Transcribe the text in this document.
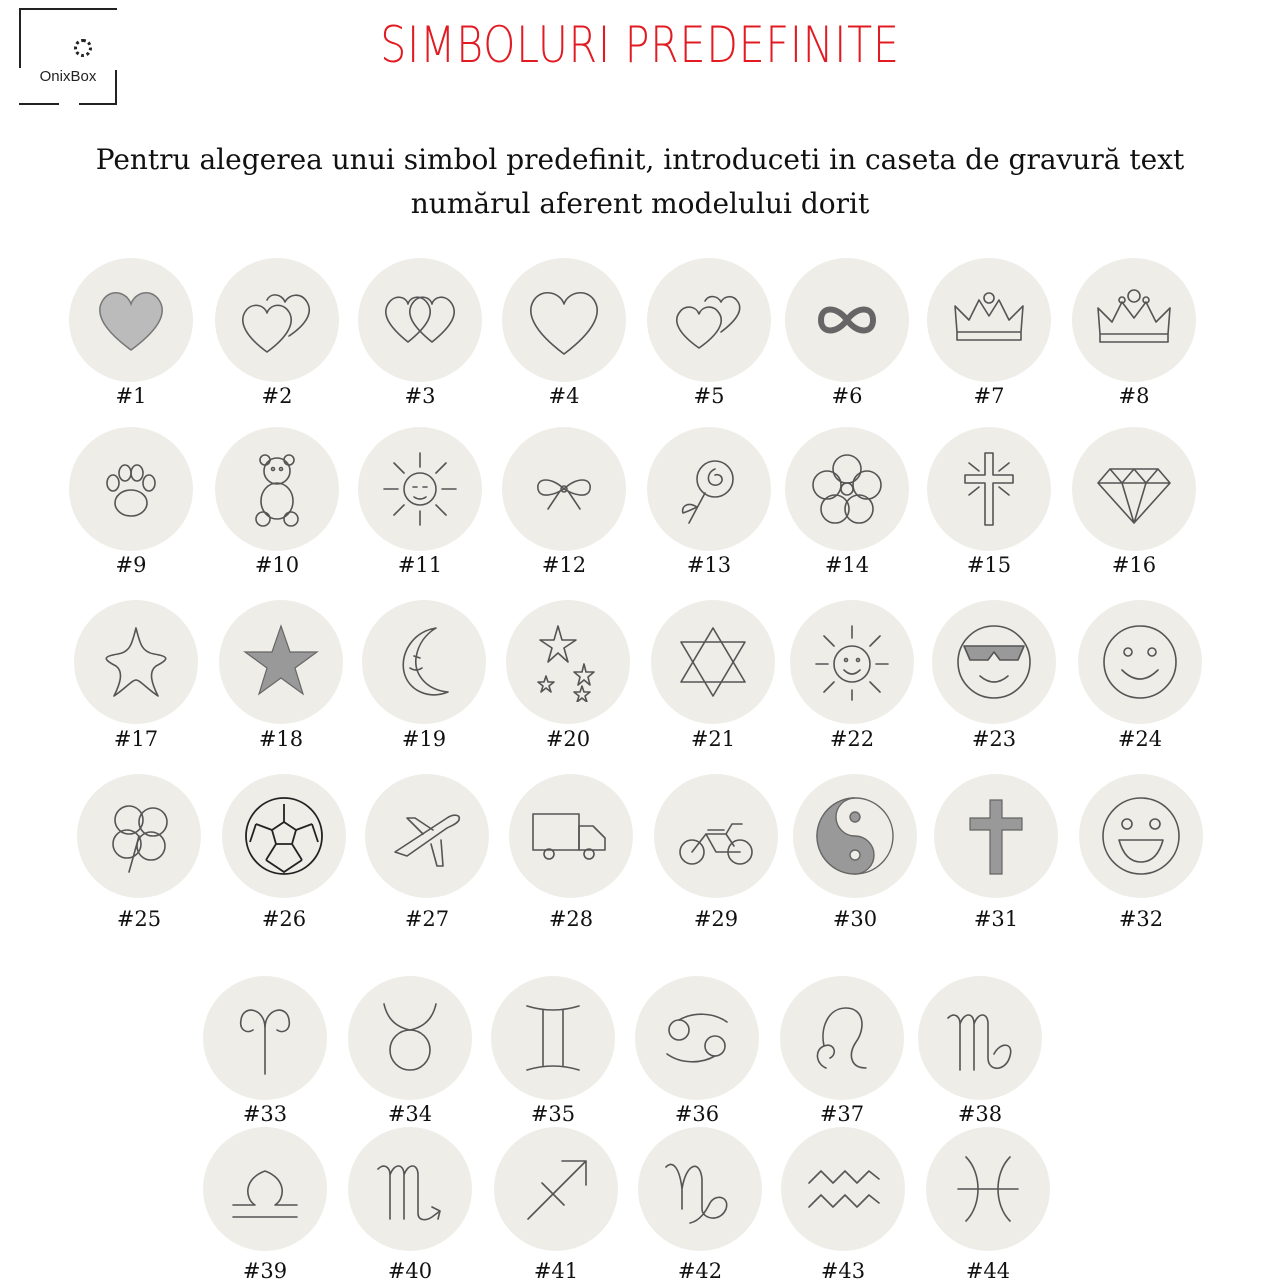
OnixBox
SIMBOLURI PREDEFINITE
Pentru alegerea unui simbol predefinit, introduceti in caseta de gravură text
numărul aferent modelului dorit
#1	#2	#3	#4	#5	#6	#7	#8
#9	#10	#11	#12	#13	#14	#15	#16
#17	#18	#19	#20	#21	#22	#23	#24
#25	#26	#27	#28	#29	#30	#31	#32
#33	#34	#35	#36	#37	#38
#39	#40	#41	#42	#43	#44
